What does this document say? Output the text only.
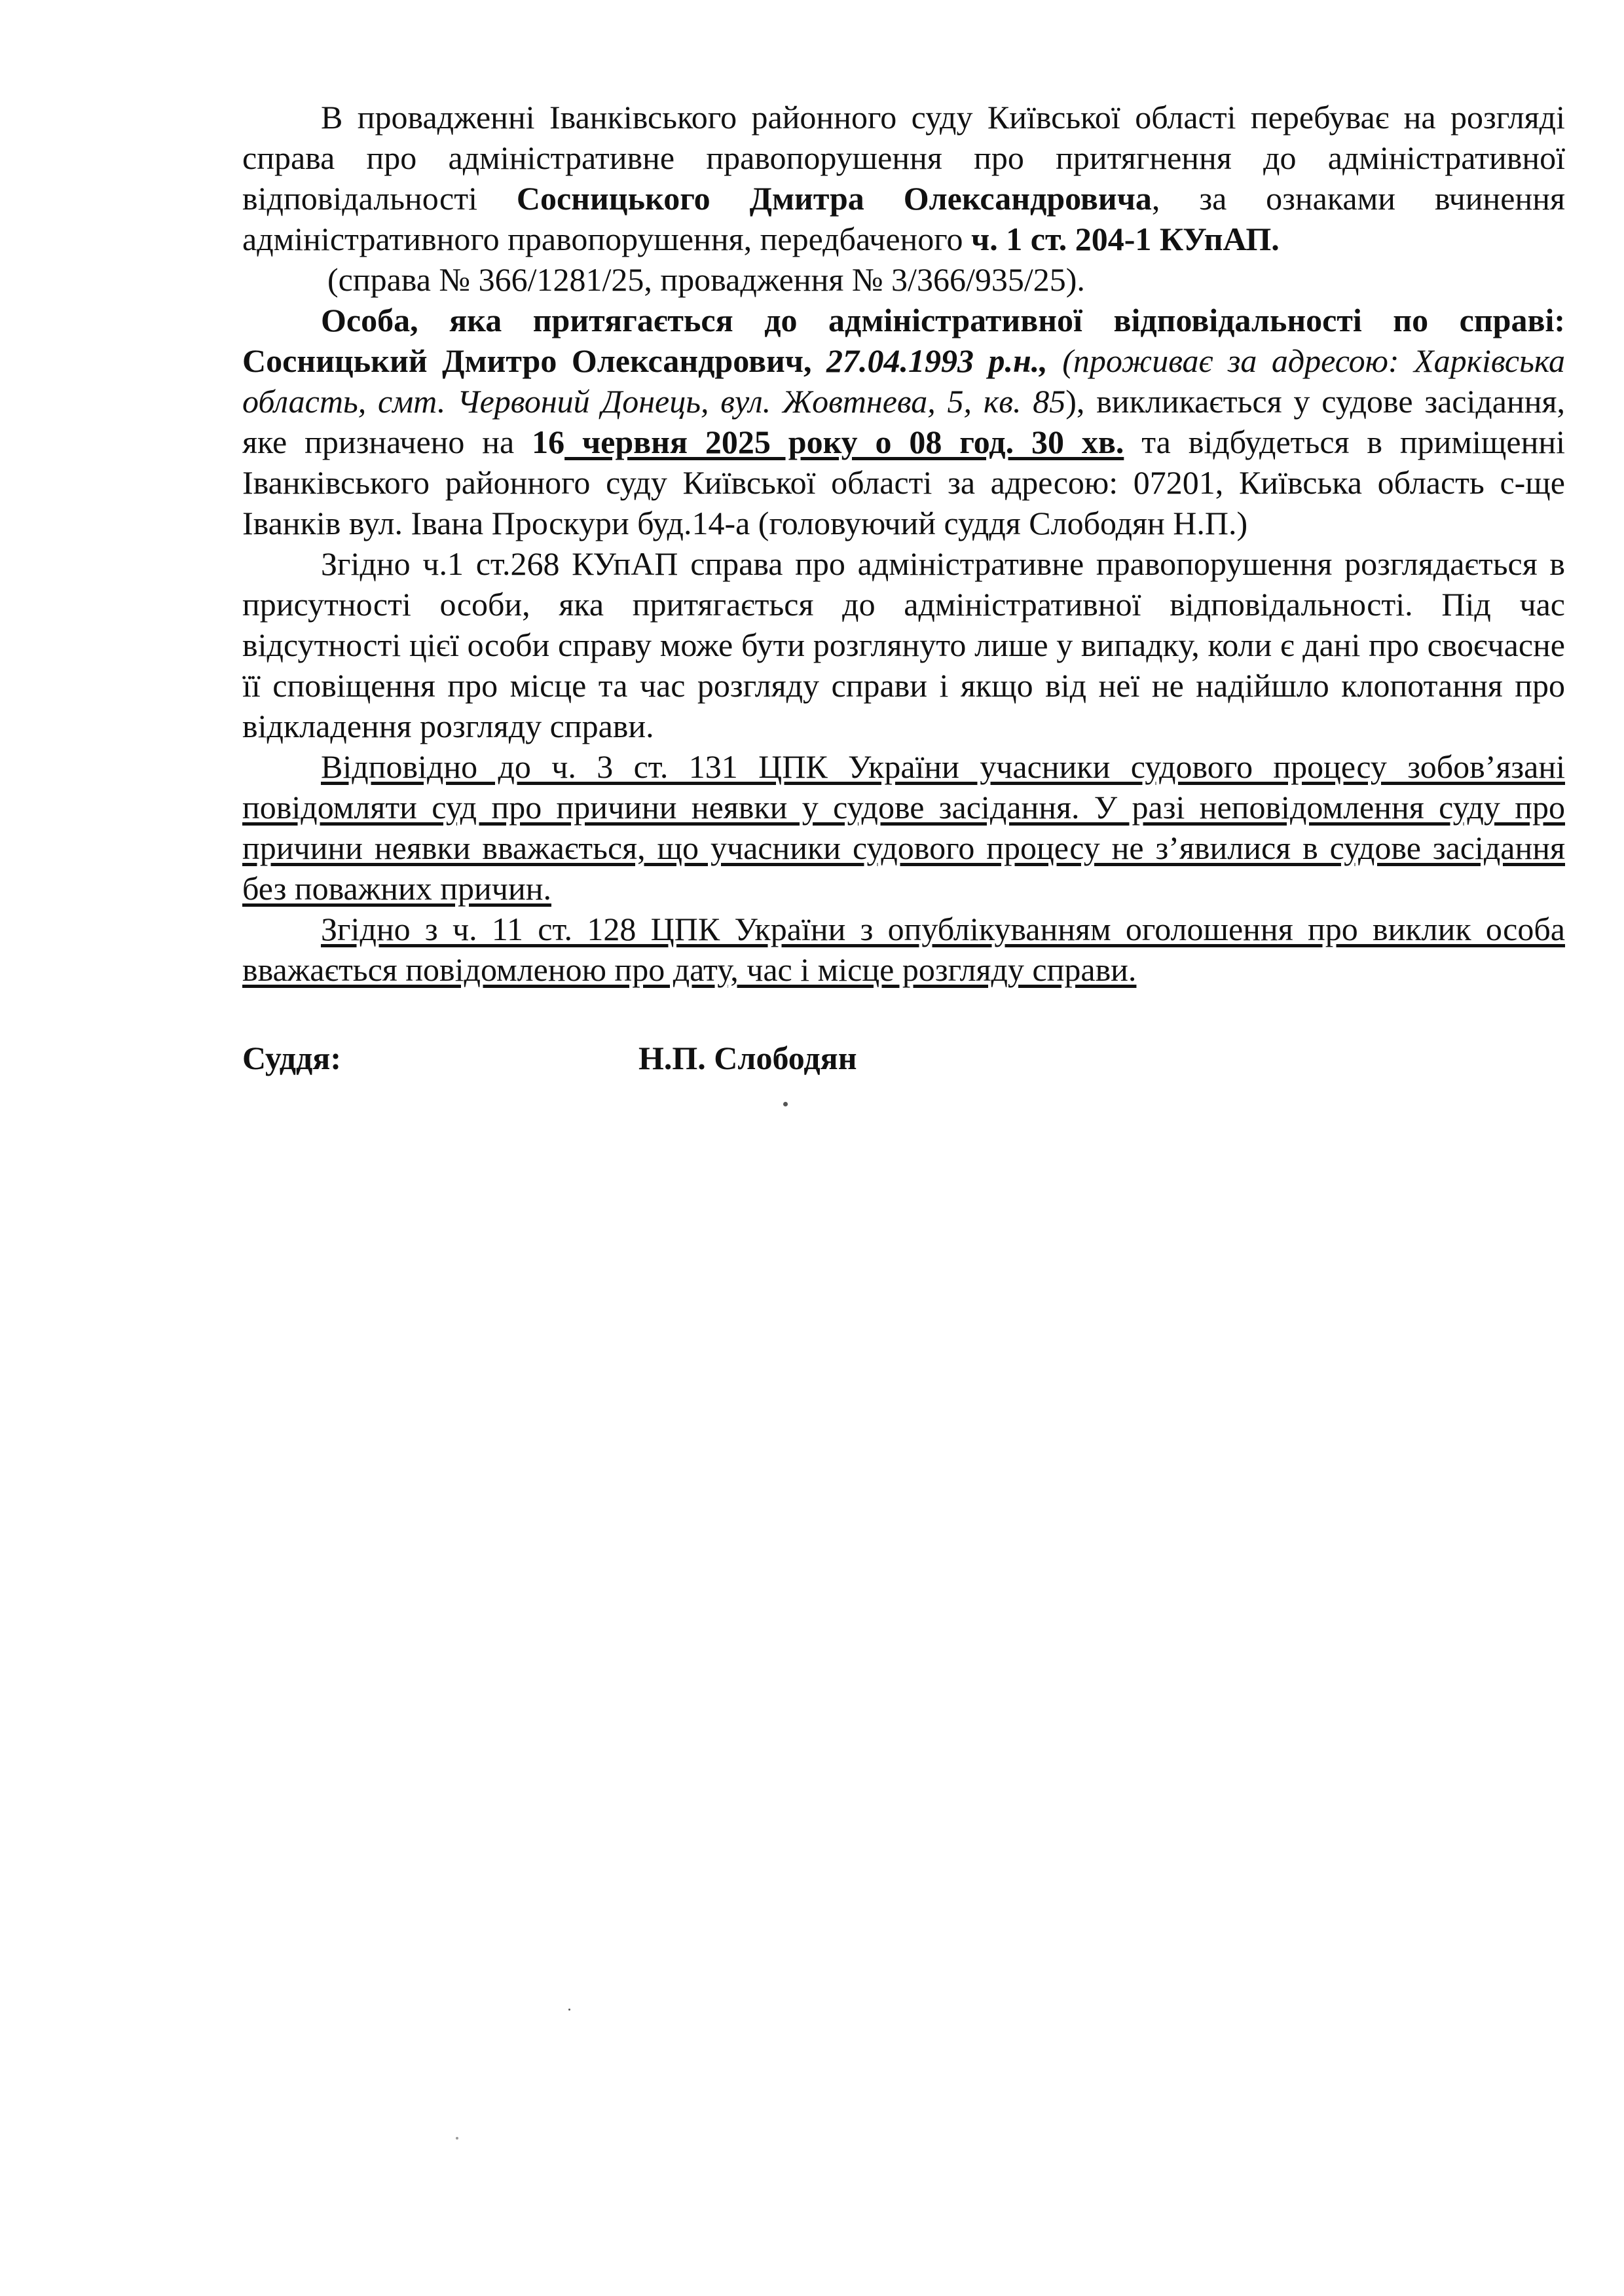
В провадженні Іванківського районного суду Київської області перебуває на розгляді справа про адміністративне правопорушення про притягнення до адміністративної відповідальності Сосницького Дмитра Олександровича, за ознаками вчинення адміністративного правопорушення, передбаченого ч. 1 ст. 204-1 КУпАП.

(справа № 366/1281/25, провадження № 3/366/935/25).

Особа, яка притягається до адміністративної відповідальності по справі: Сосницький Дмитро Олександрович, 27.04.1993 р.н., (проживає за адресою: Харківська область, смт. Червоний Донець, вул. Жовтнева, 5, кв. 85), викликається у судове засідання, яке призначено на 16 червня 2025 року о 08 год. 30 хв. та відбудеться в приміщенні Іванківського районного суду Київської області за адресою: 07201, Київська область с-ще Іванків вул. Івана Проскури буд.14-а (головуючий суддя Слободян Н.П.)

Згідно ч.1 ст.268 КУпАП справа про адміністративне правопорушення розглядається в присутності особи, яка притягається до адміністративної відповідальності. Під час відсутності цієї особи справу може бути розглянуто лише у випадку, коли є дані про своєчасне її сповіщення про місце та час розгляду справи і якщо від неї не надійшло клопотання про відкладення розгляду справи.

Відповідно до ч. 3 ст. 131 ЦПК України учасники судового процесу зобов’язані повідомляти суд про причини неявки у судове засідання. У разі неповідомлення суду про причини неявки вважається, що учасники судового процесу не з’явилися в судове засідання без поважних причин.

Згідно з ч. 11 ст. 128 ЦПК України з опублікуванням оголошення про виклик особа вважається повідомленою про дату, час і місце розгляду справи.

Суддя:	Н.П. Слободян
